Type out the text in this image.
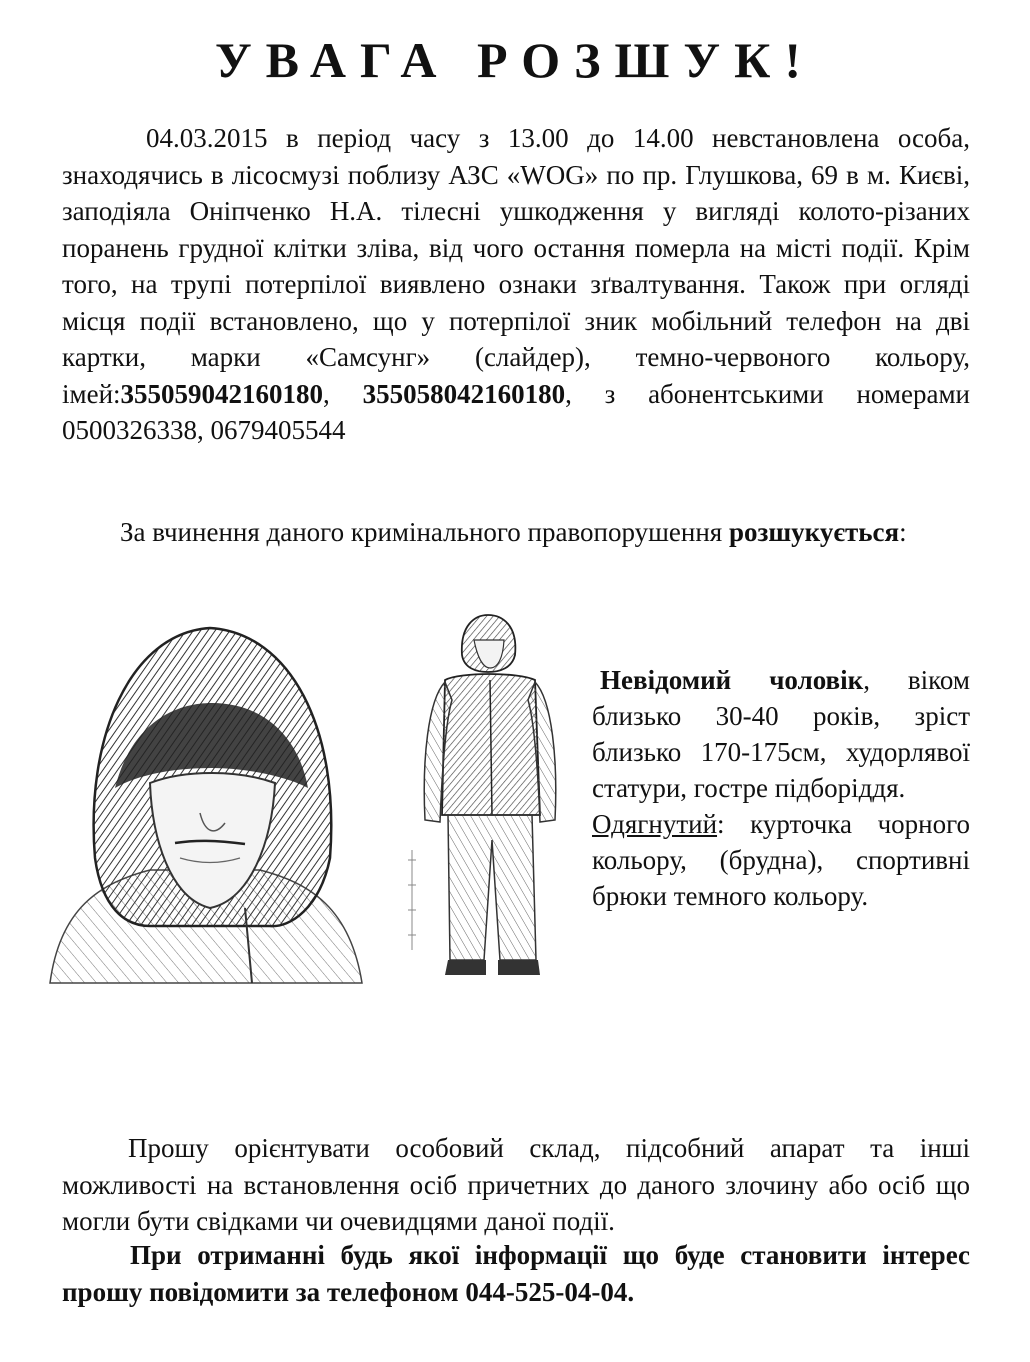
УВАГА РОЗШУК!
04.03.2015 в період часу з 13.00 до 14.00 невстановлена особа, знаходячись в лісосмузі поблизу АЗС «WOG» по пр. Глушкова, 69 в м. Києві, заподіяла Оніпченко Н.А. тілесні ушкодження у вигляді колото-різаних поранень грудної клітки зліва, від чого остання померла на місті події. Крім того, на трупі потерпілої виявлено ознаки зґвалтування. Також при огляді місця події встановлено, що у потерпілої зник мобільний телефон на дві картки, марки «Самсунг» (слайдер), темно-червоного кольору, імей:355059042160180, 355058042160180, з абонентськими номерами 0500326338, 0679405544
За вчинення даного кримінального правопорушення розшукується:
Невідомий чоловік, віком близько 30-40 років, зріст близько 170-175см, худорлявої статури, гостре підборіддя.
Одягнутий: курточка чорного кольору, (брудна), спортивні брюки темного кольору.
Прошу орієнтувати особовий склад, підсобний апарат та інші можливості на встановлення осіб причетних до даного злочину або осіб що могли бути свідками чи очевидцями даної події.
При отриманні будь якої інформації що буде становити інтерес прошу повідомити за телефоном 044-525-04-04.
